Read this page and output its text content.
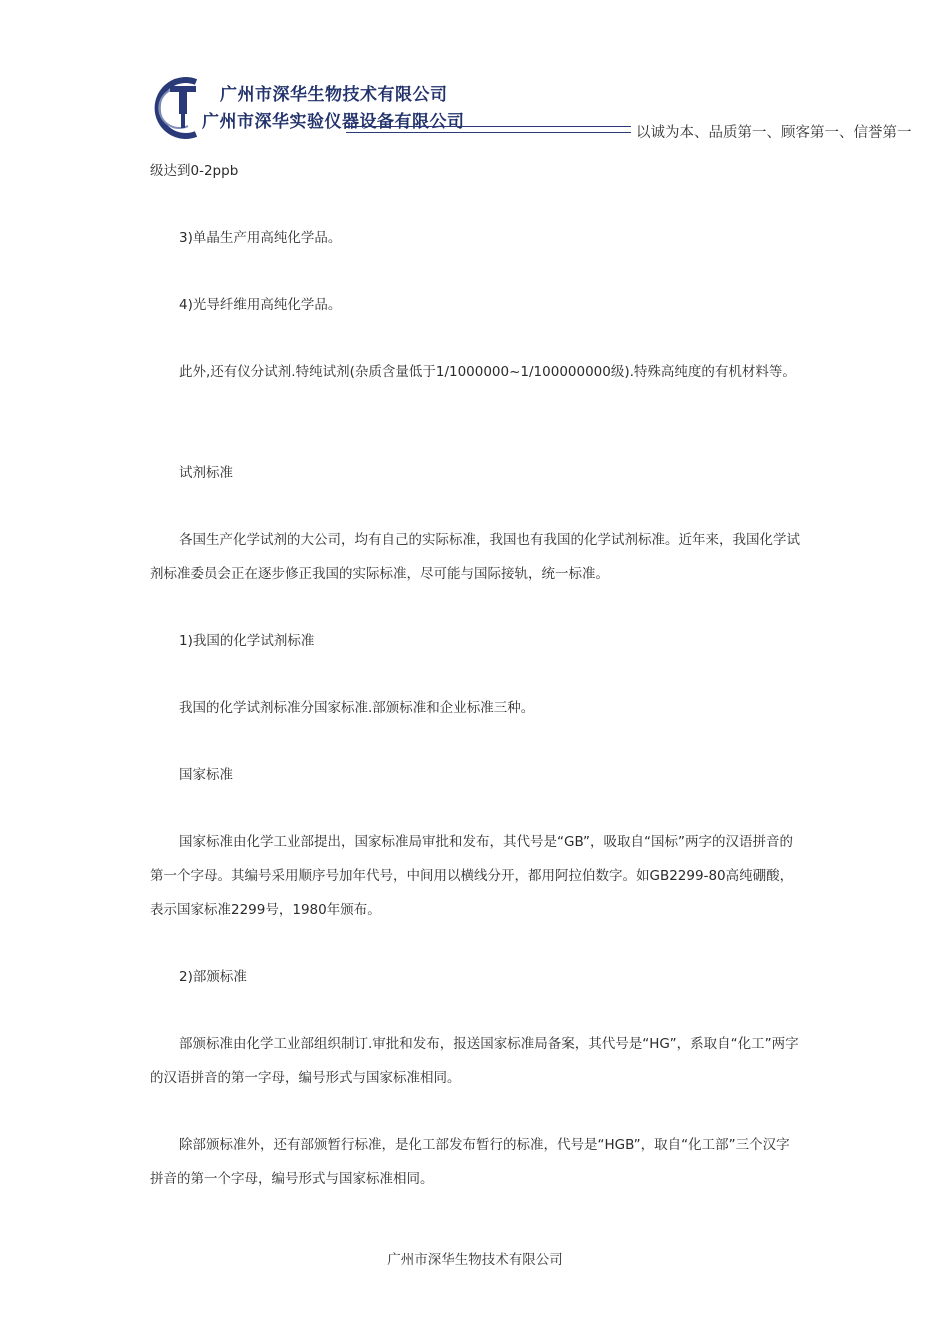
广州市深华生物技术有限公司
广州市深华实验仪器设备有限公司
以诚为本、品质第一、顾客第一、信誉第一

级达到0-2ppb

3)单晶生产用高纯化学品。

4)光导纤维用高纯化学品。

此外,还有仪分试剂.特纯试剂(杂质含量低于1/1000000~1/100000000级).特殊高纯度的有机材料等。

试剂标准

各国生产化学试剂的大公司，均有自己的实际标准，我国也有我国的化学试剂标准。近年来，我国化学试剂标准委员会正在逐步修正我国的实际标准，尽可能与国际接轨，统一标准。

1)我国的化学试剂标准

我国的化学试剂标准分国家标准.部颁标准和企业标准三种。

国家标准

国家标准由化学工业部提出，国家标准局审批和发布，其代号是“GB”，吸取自“国标”两字的汉语拼音的第一个字母。其编号采用顺序号加年代号，中间用以横线分开，都用阿拉伯数字。如GB2299-80高纯硼酸，表示国家标准2299号，1980年颁布。

2)部颁标准

部颁标准由化学工业部组织制订.审批和发布，报送国家标准局备案，其代号是“HG”，系取自“化工”两字的汉语拼音的第一字母，编号形式与国家标准相同。

除部颁标准外，还有部颁暂行标准，是化工部发布暂行的标准，代号是“HGB”，取自“化工部”三个汉字拼音的第一个字母，编号形式与国家标准相同。

广州市深华生物技术有限公司
